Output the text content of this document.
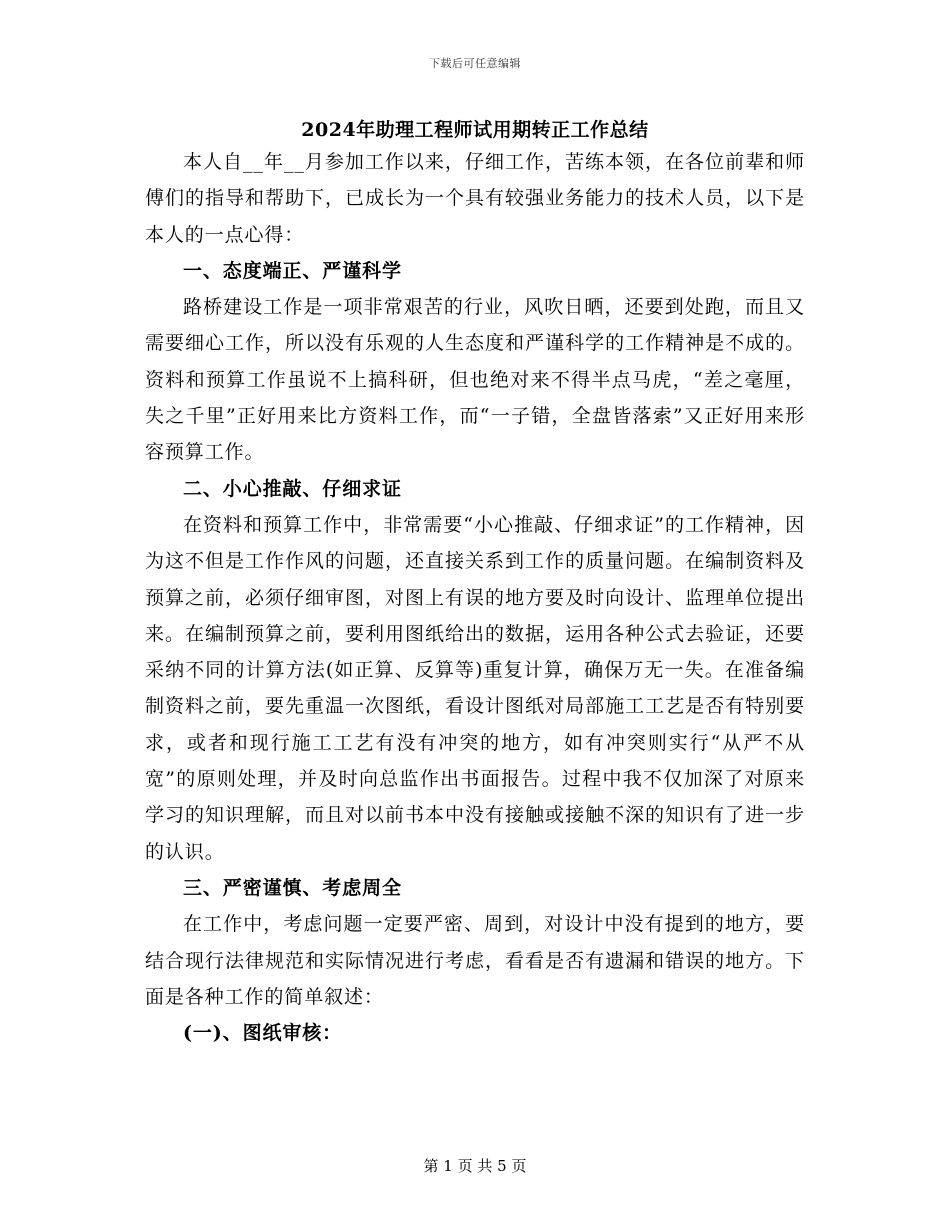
下载后可任意编辑
2024年助理工程师试用期转正工作总结

本人自__年__月参加工作以来，仔细工作，苦练本领，在各位前辈和师傅们的指导和帮助下，已成长为一个具有较强业务能力的技术人员，以下是本人的一点心得：

一、态度端正、严谨科学

路桥建设工作是一项非常艰苦的行业，风吹日晒，还要到处跑，而且又需要细心工作，所以没有乐观的人生态度和严谨科学的工作精神是不成的。资料和预算工作虽说不上搞科研，但也绝对来不得半点马虎，“差之毫厘，失之千里”正好用来比方资料工作，而“一子错，全盘皆落索”又正好用来形容预算工作。

二、小心推敲、仔细求证

在资料和预算工作中，非常需要“小心推敲、仔细求证”的工作精神，因为这不但是工作作风的问题，还直接关系到工作的质量问题。在编制资料及预算之前，必须仔细审图，对图上有误的地方要及时向设计、监理单位提出来。在编制预算之前，要利用图纸给出的数据，运用各种公式去验证，还要采纳不同的计算方法(如正算、反算等)重复计算，确保万无一失。在准备编制资料之前，要先重温一次图纸，看设计图纸对局部施工工艺是否有特别要求，或者和现行施工工艺有没有冲突的地方，如有冲突则实行“从严不从宽”的原则处理，并及时向总监作出书面报告。过程中我不仅加深了对原来学习的知识理解，而且对以前书本中没有接触或接触不深的知识有了进一步的认识。

三、严密谨慎、考虑周全

在工作中，考虑问题一定要严密、周到，对设计中没有提到的地方，要结合现行法律规范和实际情况进行考虑，看看是否有遗漏和错误的地方。下面是各种工作的简单叙述：

(一)、图纸审核：

第 1 页 共 5 页
